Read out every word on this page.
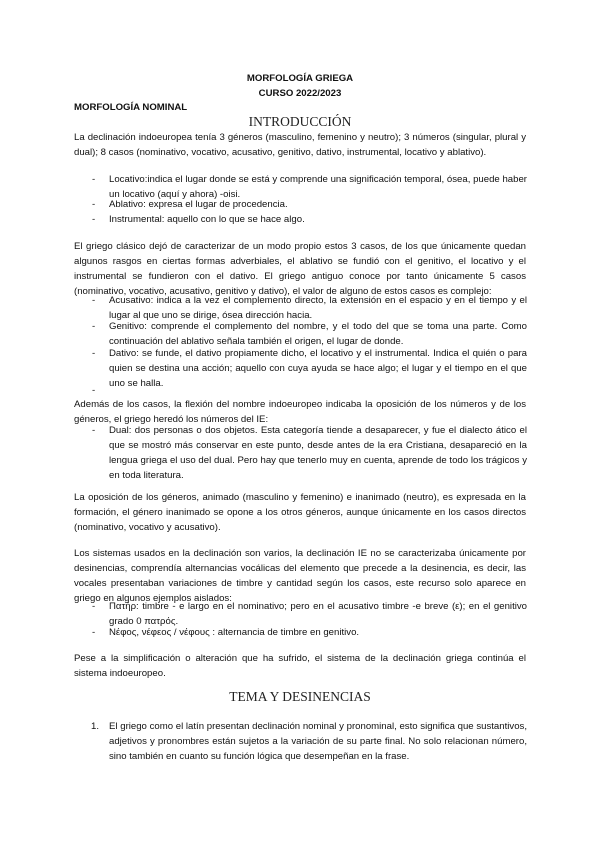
MORFOLOGÍA GRIEGA
CURSO 2022/2023
MORFOLOGÍA NOMINAL
INTRODUCCIÓN
La declinación indoeuropea tenía 3 géneros (masculino, femenino y neutro); 3 números (singular, plural y dual); 8 casos (nominativo, vocativo, acusativo, genitivo, dativo, instrumental, locativo y ablativo).
- Locativo:indica el lugar donde se está y comprende una significación temporal, ósea, puede haber un locativo (aquí y ahora) -oisi.
- Ablativo: expresa el lugar de procedencia.
- Instrumental: aquello con lo que se hace algo.
El griego clásico dejó de caracterizar de un modo propio estos 3 casos, de los que únicamente quedan algunos rasgos en ciertas formas adverbiales, el ablativo se fundió con el genitivo, el locativo y el instrumental se fundieron con el dativo. El griego antiguo conoce por tanto únicamente 5 casos (nominativo, vocativo, acusativo, genitivo y dativo), el valor de alguno de estos casos es complejo:
- Acusativo: indica a la vez el complemento directo, la extensión en el espacio y en el tiempo y el lugar al que uno se dirige, ósea dirección hacia.
- Genitivo: comprende el complemento del nombre, y el todo del que se toma una parte. Como continuación del ablativo señala también el origen, el lugar de donde.
- Dativo: se funde, el dativo propiamente dicho, el locativo y el instrumental. Indica el quién o para quien se destina una acción; aquello con cuya ayuda se hace algo; el lugar y el tiempo en el que uno se halla.
-
Además de los casos, la flexión del nombre indoeuropeo indicaba la oposición de los números y de los géneros, el griego heredó los números del IE:
- Dual: dos personas o dos objetos. Esta categoría tiende a desaparecer, y fue el dialecto ático el que se mostró más conservar en este punto, desde antes de la era Cristiana, desapareció en la lengua griega el uso del dual. Pero hay que tenerlo muy en cuenta, aprende de todo los trágicos y en toda literatura.
La oposición de los géneros, animado (masculino y femenino) e inanimado (neutro), es expresada en la formación, el género inanimado se opone a los otros géneros, aunque únicamente en los casos directos (nominativo, vocativo y acusativo).
Los sistemas usados en la declinación son varios, la declinación IE no se caracterizaba únicamente por desinencias, comprendía alternancias vocálicas del elemento que precede a la desinencia, es decir, las vocales presentaban variaciones de timbre y cantidad según los casos, este recurso solo aparece en griego en algunos ejemplos aislados:
- Πατήρ: timbre - e largo en el nominativo; pero en el acusativo timbre -e breve (ε); en el genitivo grado 0 πατρός.
- Νέφος, νέφεος / νέφους : alternancia de timbre en genitivo.
Pese a la simplificación o alteración que ha sufrido, el sistema de la declinación griega continúa el sistema indoeuropeo.
TEMA Y DESINENCIAS
1. El griego como el latín presentan declinación nominal y pronominal, esto significa que sustantivos, adjetivos y pronombres están sujetos a la variación de su parte final. No solo relacionan número, sino también en cuanto su función lógica que desempeñan en la frase.
